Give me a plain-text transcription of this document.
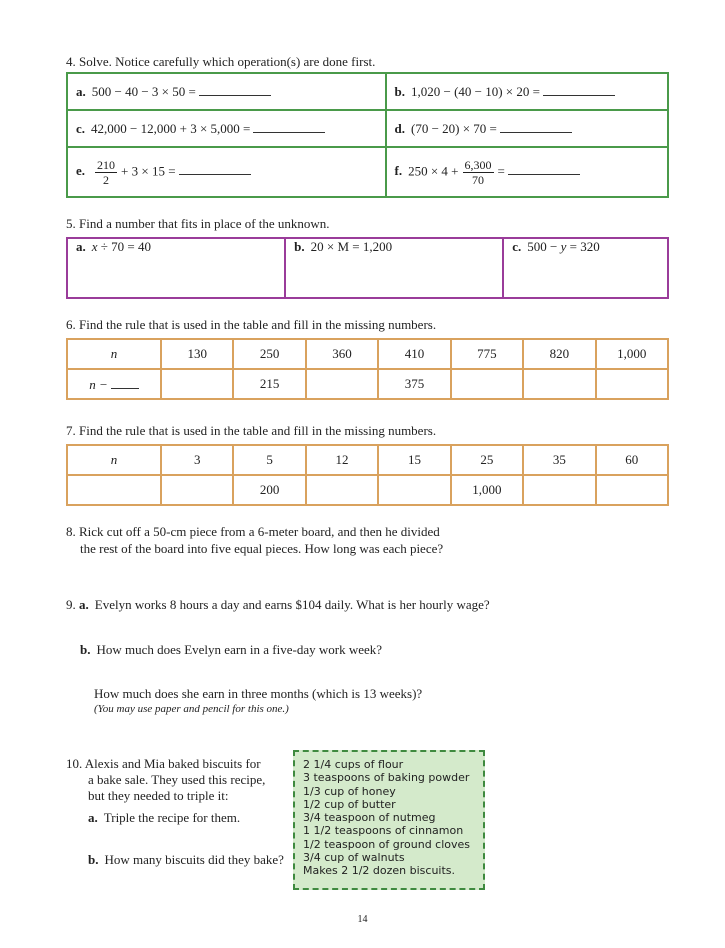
4. Solve. Notice carefully which operation(s) are done first.
a. 500 − 40 − 3 × 50 =	b. 1,020 − (40 − 10) × 20 =
c. 42,000 − 12,000 + 3 × 5,000 =	d. (70 − 20) × 70 =
e. $\frac{210}{2} + 3 \times 15$ =	f. $250 \times 4 + \frac{6,300}{70}$ =
5. Find a number that fits in place of the unknown.
a. x ÷ 70 = 40	b. 20 × M = 1,200	c. 500 − y = 320
6. Find the rule that is used in the table and fill in the missing numbers.
n	130	250	360	410	775	820	1,000
n −		215		375			
7. Find the rule that is used in the table and fill in the missing numbers.
n	3	5	12	15	25	35	60
		200			1,000		
8. Rick cut off a 50-cm piece from a 6-meter board, and then he divided
the rest of the board into five equal pieces. How long was each piece?
9. a. Evelyn works 8 hours a day and earns $104 daily. What is her hourly wage?
b. How much does Evelyn earn in a five-day work week?
How much does she earn in three months (which is 13 weeks)?
(You may use paper and pencil for this one.)
10. Alexis and Mia baked biscuits for
a bake sale. They used this recipe,
but they needed to triple it:
a. Triple the recipe for them.
b. How many biscuits did they bake?
2 1/4 cups of flour
3 teaspoons of baking powder
1/3 cup of honey
1/2 cup of butter
3/4 teaspoon of nutmeg
1 1/2 teaspoons of cinnamon
1/2 teaspoon of ground cloves
3/4 cup of walnuts
Makes 2 1/2 dozen biscuits.
14
